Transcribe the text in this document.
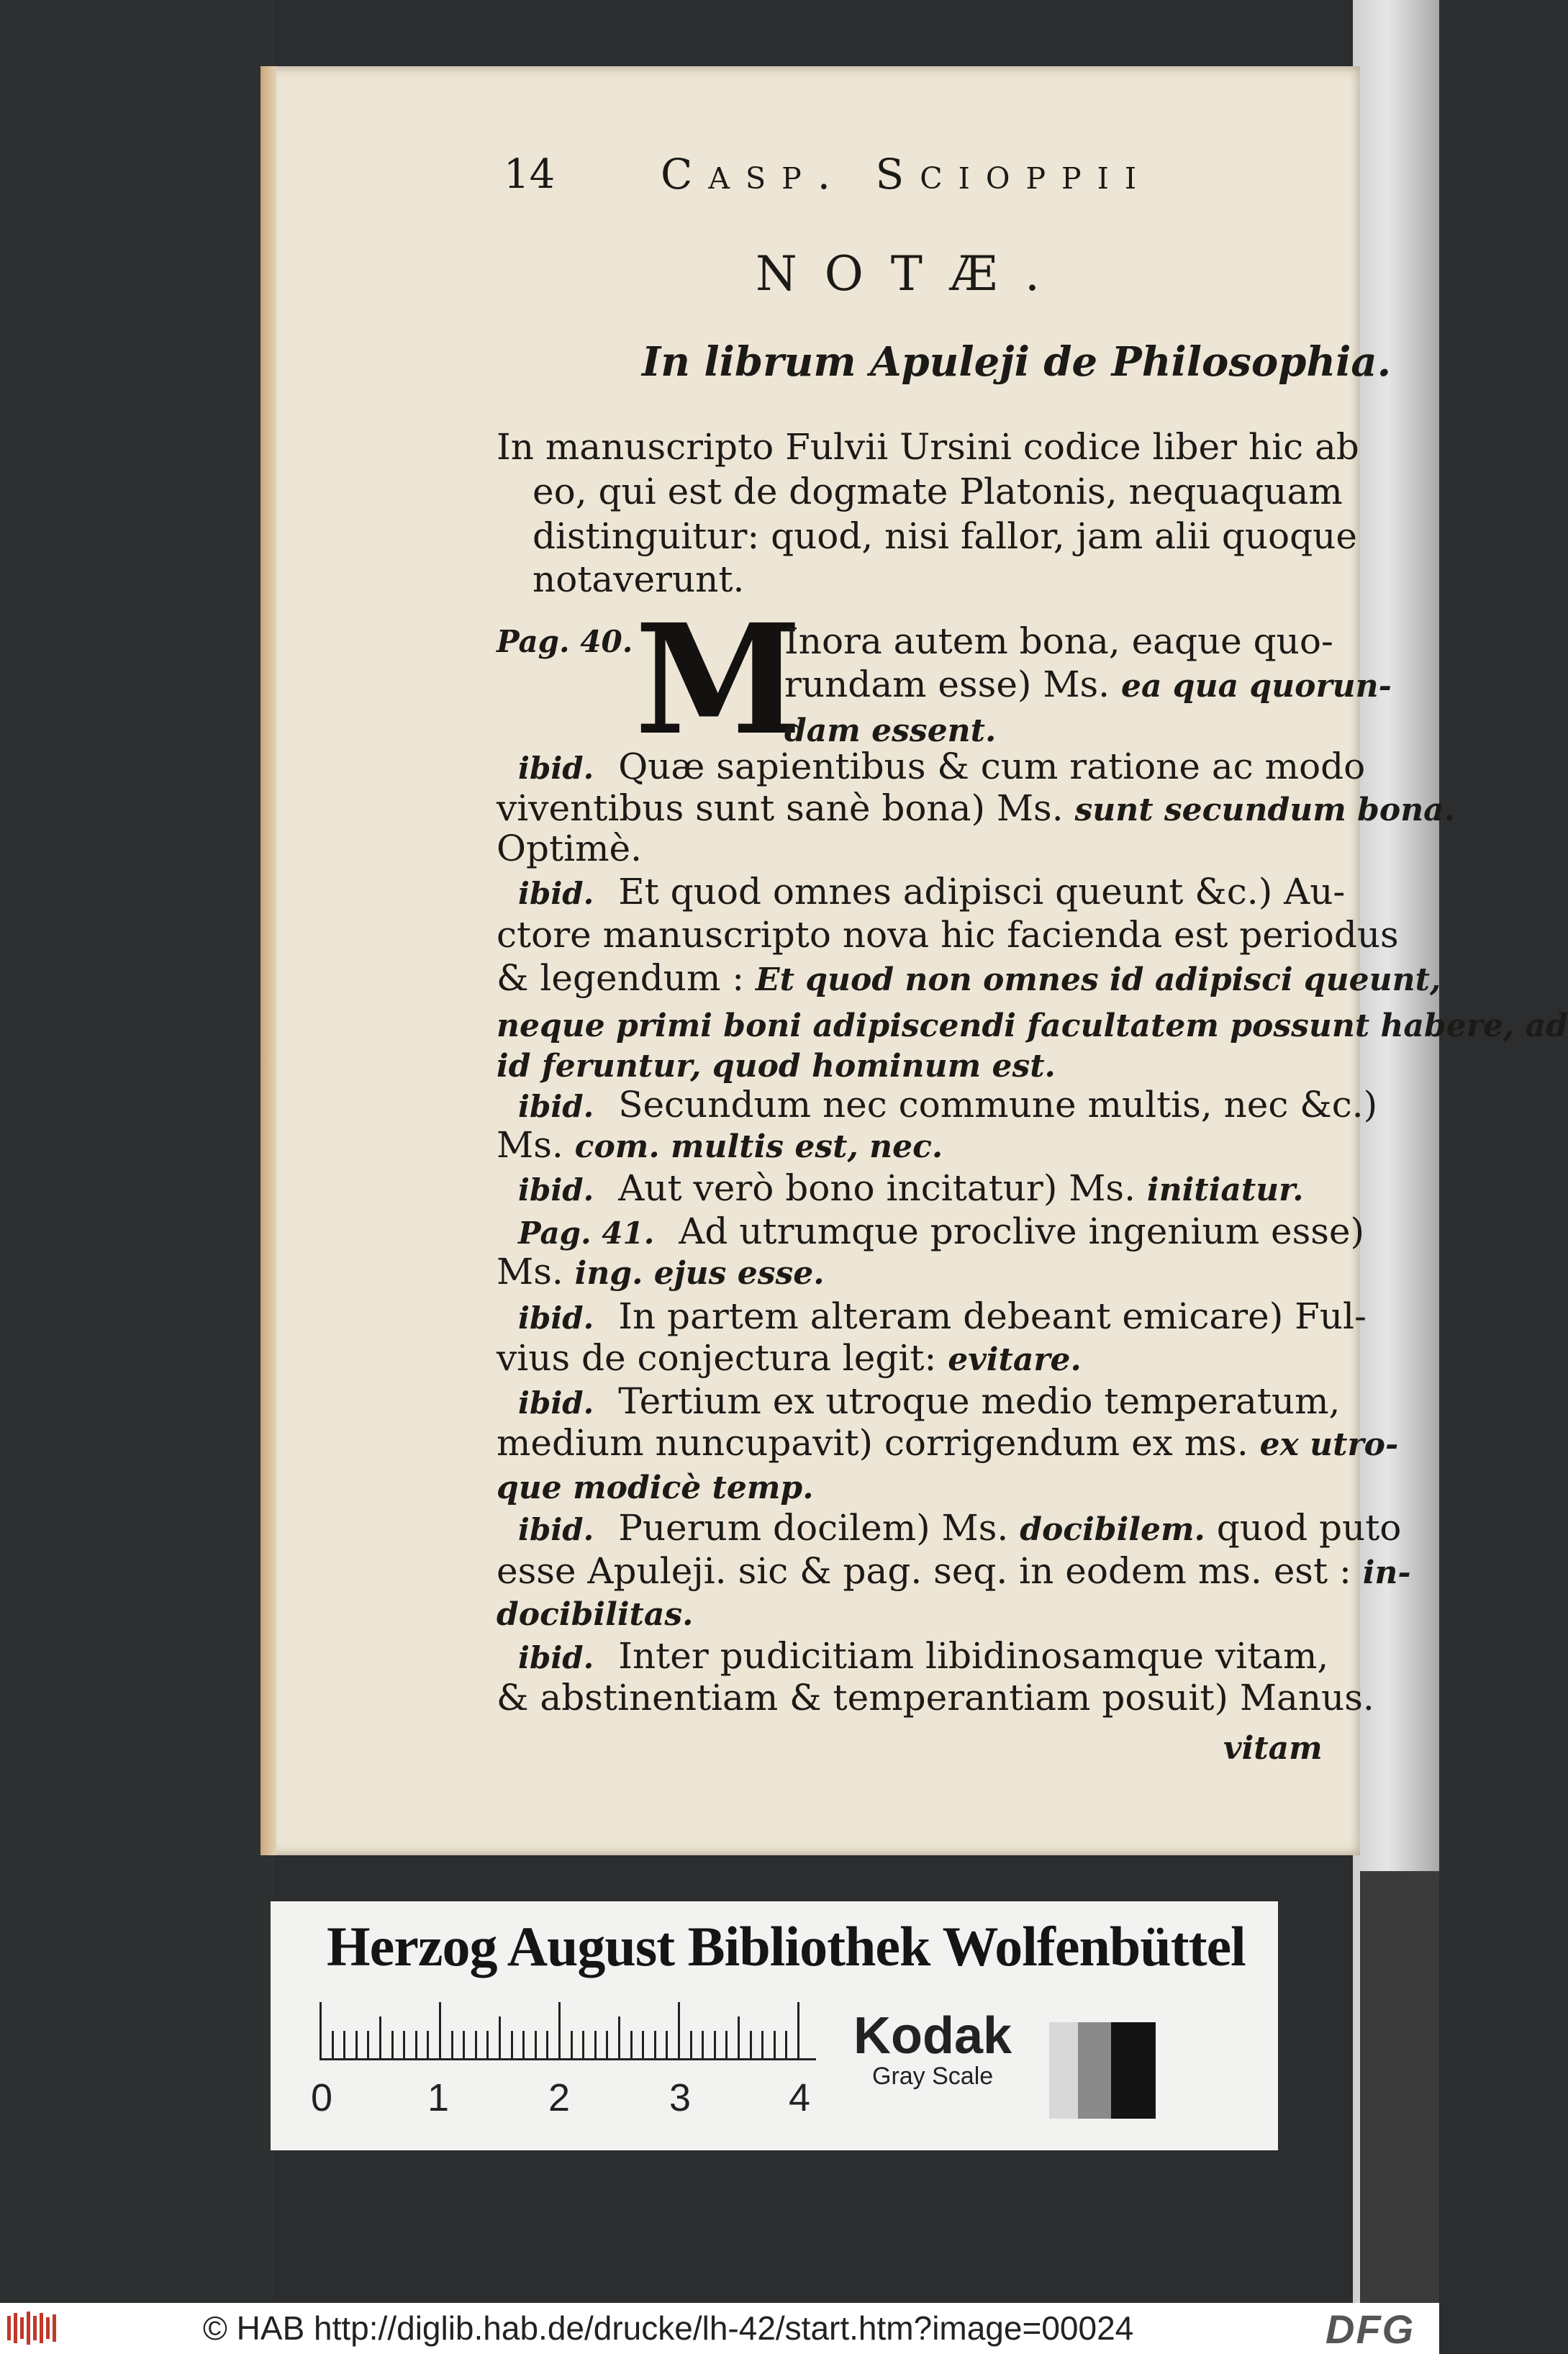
14	Casp. Scioppii
NOTÆ.
In librum Apuleji de Philosophia.
In manuscripto Fulvii Ursini codice liber hic ab
eo, qui est de dogmate Platonis, nequaquam
distinguitur: quod, nisi fallor, jam alii quoque
notaverunt.
Pag. 40. M
Inora autem bona, eaque quo-
rundam esse) Ms. ea qua quorun-
dam essent.
ibid. Quæ sapientibus & cum ratione ac modo
viventibus sunt sanè bona) Ms. sunt secundum bona.
Optimè.
ibid. Et quod omnes adipisci queunt &c.) Au-
ctore manuscripto nova hic facienda est periodus
& legendum : Et quod non omnes id adipisci queunt,
neque primi boni adipiscendi facultatem possunt habere, ad
id feruntur, quod hominum est.
ibid. Secundum nec commune multis, nec &c.)
Ms. com. multis est, nec.
ibid. Aut verò bono incitatur) Ms. initiatur.
Pag. 41. Ad utrumque proclive ingenium esse)
Ms. ing. ejus esse.
ibid. In partem alteram debeant emicare) Ful-
vius de conjectura legit: evitare.
ibid. Tertium ex utroque medio temperatum,
medium nuncupavit) corrigendum ex ms. ex utro-
que modicè temp.
ibid. Puerum docilem) Ms. docibilem. quod puto
esse Apuleji. sic & pag. seq. in eodem ms. est : in-
docibilitas.
ibid. Inter pudicitiam libidinosamque vitam,
& abstinentiam & temperantiam posuit) Manus.
vitam
Herzog August Bibliothek Wolfenbüttel
0 1	2	3	4
Kodak
Gray Scale
© HAB http://diglib.hab.de/drucke/lh-42/start.htm?image=00024	DFG
